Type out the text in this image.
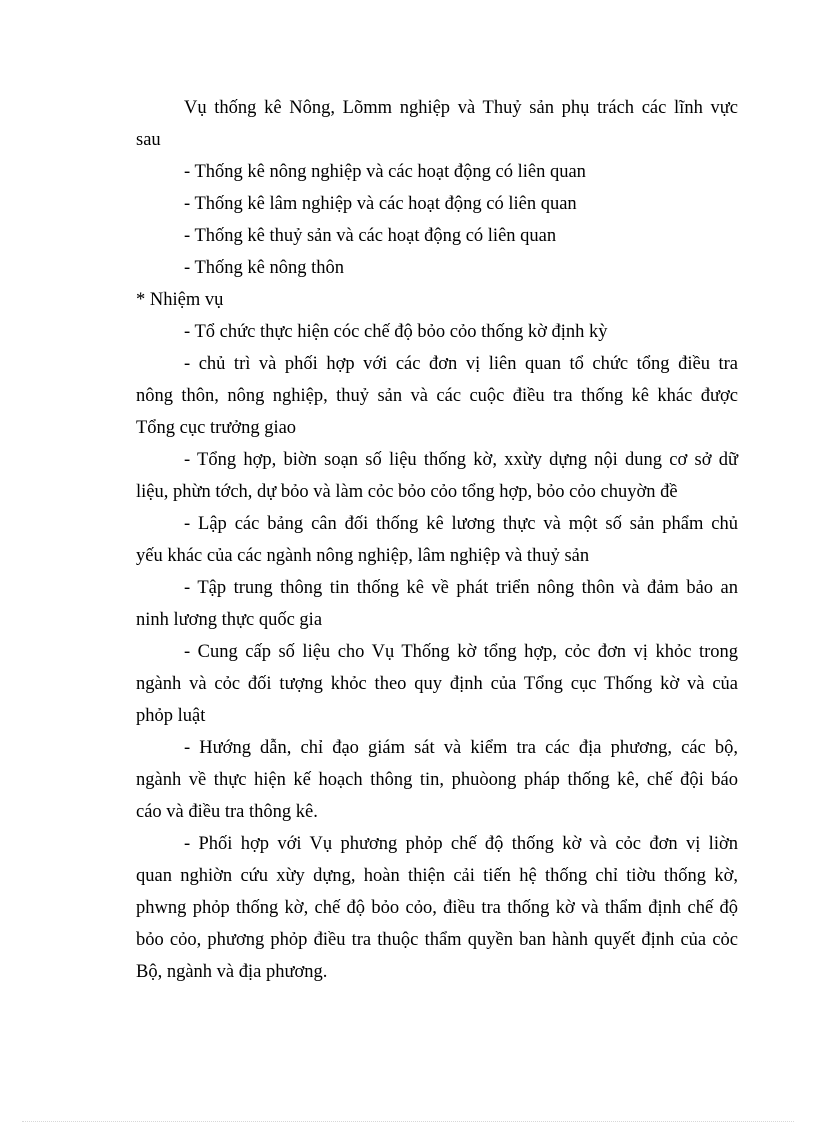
Vụ thống kê Nông, Lõmm nghiệp và Thuỷ sản phụ trách các lĩnh vực
sau
- Thống kê nông nghiệp và các hoạt động có liên quan
- Thống kê lâm nghiệp và các hoạt động có liên quan
- Thống kê thuỷ sản và các hoạt động có liên quan
- Thống kê nông thôn
* Nhiệm vụ
- Tổ chức thực hiện cóc chế độ bỏo cỏo thống kờ định kỳ
- chủ trì và phối hợp với các đơn vị liên quan tổ chức tổng điều tra
nông thôn, nông nghiệp, thuỷ sản và các cuộc điều tra thống kê khác được
Tổng cục trưởng giao
- Tổng hợp, biờn soạn số liệu thống kờ, xxừy dựng nội dung cơ sở dữ
liệu, phừn tớch, dự bỏo và làm cỏc bỏo cỏo tổng hợp, bỏo cỏo chuyờn đề
- Lập các bảng cân đối thống kê lương thực và một số sản phẩm chủ
yếu khác của các ngành nông nghiệp, lâm nghiệp và thuỷ sản
- Tập trung thông tin thống kê về phát triển nông thôn và đảm bảo an
ninh lương thực quốc gia
- Cung cấp số liệu cho Vụ Thống kờ tổng hợp, cỏc đơn vị khỏc trong
ngành và cỏc đối tượng khỏc theo quy định của Tổng cục Thống kờ và của
phỏp luật
- Hướng dẫn, chỉ đạo giám sát và kiểm tra các địa phương, các bộ,
ngành về thực hiện kế hoạch thông tin, phuòong pháp thống kê, chế đội báo
cáo và điều tra thông kê.
- Phối hợp với Vụ phương phỏp chế độ thống kờ và cỏc đơn vị liờn
quan nghiờn cứu xừy dựng, hoàn thiện cải tiến hệ thống chỉ tiờu thống kờ,
phwng phỏp thống kờ, chế độ bỏo cỏo, điều tra thống kờ và thẩm định chế độ
bỏo cỏo, phương phỏp điều tra thuộc thẩm quyền ban hành quyết định của cỏc
Bộ, ngành và địa phương.
